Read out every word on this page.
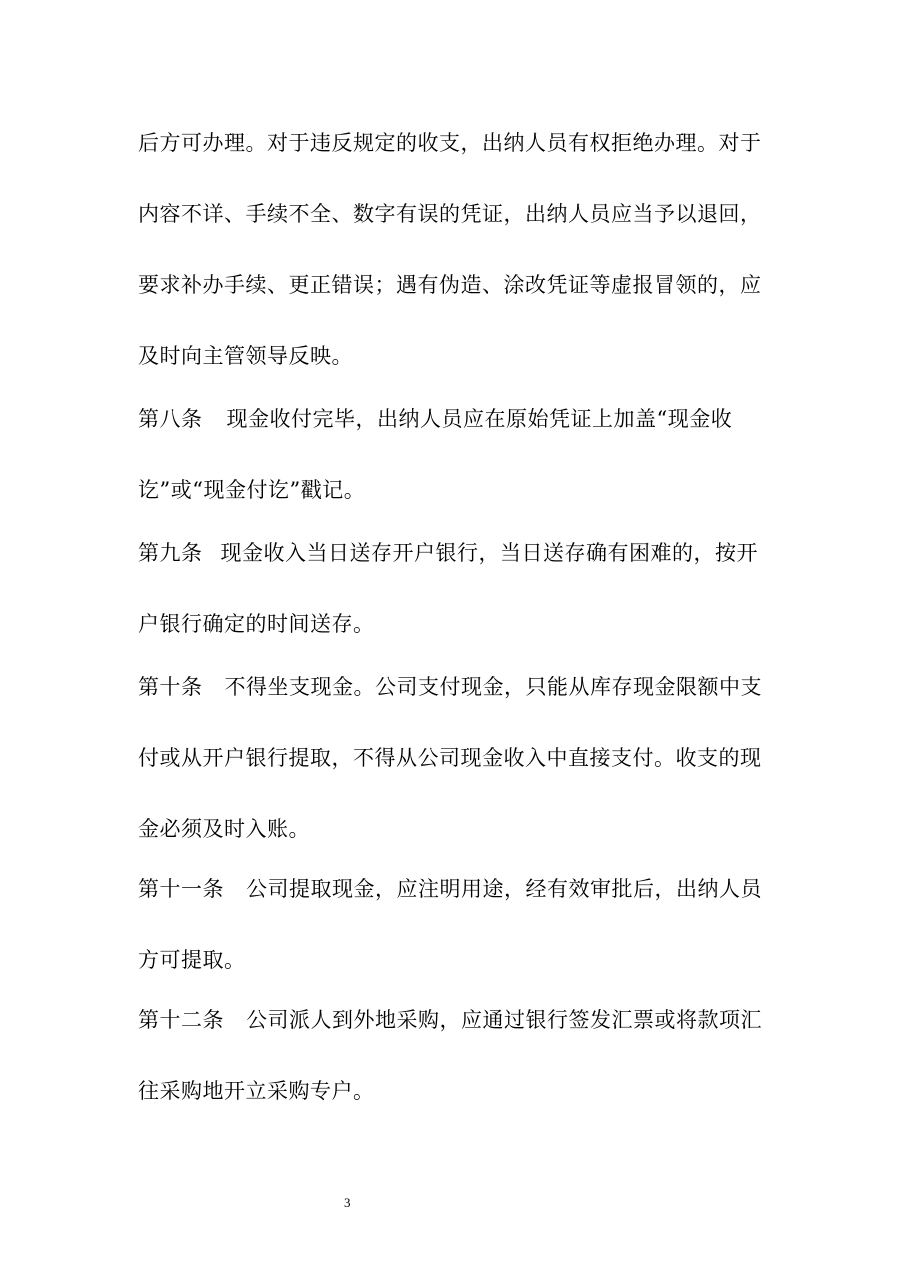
后方可办理。对于违反规定的收支，出纳人员有权拒绝办理。对于
内容不详、手续不全、数字有误的凭证，出纳人员应当予以退回，
要求补办手续、更正错误；遇有伪造、涂改凭证等虚报冒领的，应
及时向主管领导反映。
第八条 现金收付完毕，出纳人员应在原始凭证上加盖“现金收
讫”或“现金付讫”戳记。
第九条 现金收入当日送存开户银行，当日送存确有困难的，按开
户银行确定的时间送存。
第十条 不得坐支现金。公司支付现金，只能从库存现金限额中支
付或从开户银行提取，不得从公司现金收入中直接支付。收支的现
金必须及时入账。
第十一条 公司提取现金，应注明用途，经有效审批后，出纳人员
方可提取。
第十二条 公司派人到外地采购，应通过银行签发汇票或将款项汇
往采购地开立采购专户。
3
